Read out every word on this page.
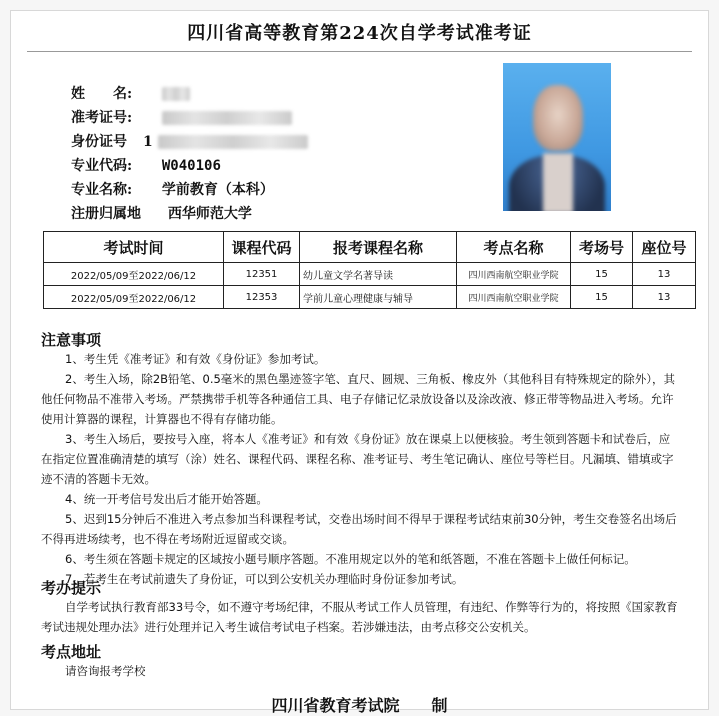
四川省高等教育第224次自学考试准考证
姓　　名:
准考证号:
身份证号 1
专业代码: W040106
专业名称: 学前教育（本科）
注册归属地 西华师范大学
考试时间	课程代码	报考课程名称	考点名称	考场号	座位号
2022/05/09至2022/06/12	12351	幼儿童文学名著导读	四川西南航空职业学院	15	13
2022/05/09至2022/06/12	12353	学前儿童心理健康与辅导	四川西南航空职业学院	15	13
注意事项

1、考生凭《准考证》和有效《身份证》参加考试。

2、考生入场，除2B铅笔、0.5毫米的黑色墨迹签字笔、直尺、圆规、三角板、橡皮外（其他科目有特殊规定的除外），其他任何物品不准带入考场。严禁携带手机等各种通信工具、电子存储记忆录放设备以及涂改液、修正带等物品进入考场。允许使用计算器的课程，计算器也不得有存储功能。

3、考生入场后，要按号入座，将本人《准考证》和有效《身份证》放在课桌上以便核验。考生领到答题卡和试卷后，应在指定位置准确清楚的填写（涂）姓名、课程代码、课程名称、准考证号、考生笔记确认、座位号等栏目。凡漏填、错填或字迹不清的答题卡无效。

4、统一开考信号发出后才能开始答题。

5、迟到15分钟后不准进入考点参加当科课程考试，交卷出场时间不得早于课程考试结束前30分钟，考生交卷签名出场后不得再进场续考，也不得在考场附近逗留或交谈。

6、考生须在答题卡规定的区域按小题号顺序答题。不准用规定以外的笔和纸答题，不准在答题卡上做任何标记。

7、若考生在考试前遗失了身份证，可以到公安机关办理临时身份证参加考试。

考办提示

自学考试执行教育部33号令，如不遵守考场纪律，不服从考试工作人员管理，有违纪、作弊等行为的，将按照《国家教育考试违规处理办法》进行处理并记入考生诚信考试电子档案。若涉嫌违法，由考点移交公安机关。

考点地址

请咨询报考学校

四川省教育考试院　　制
